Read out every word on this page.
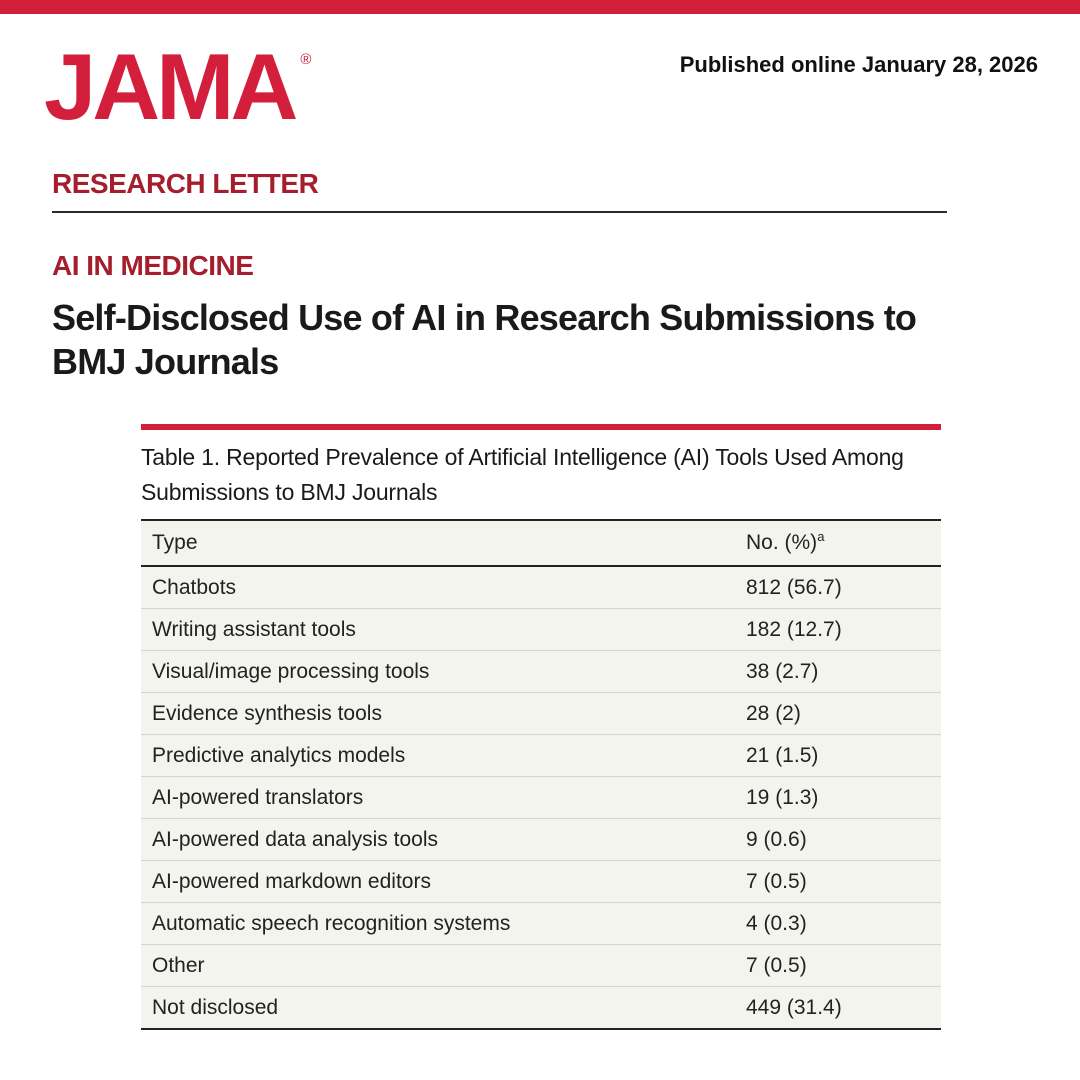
JAMA ®	Published online January 28, 2026
RESEARCH LETTER
AI IN MEDICINE
Self-Disclosed Use of AI in Research Submissions to BMJ Journals
Table 1. Reported Prevalence of Artificial Intelligence (AI) Tools Used Among Submissions to BMJ Journals
Type	No. (%)$^a$
Chatbots	812 (56.7)
Writing assistant tools	182 (12.7)
Visual/image processing tools	38 (2.7)
Evidence synthesis tools	28 (2)
Predictive analytics models	21 (1.5)
AI-powered translators	19 (1.3)
AI-powered data analysis tools	9 (0.6)
AI-powered markdown editors	7 (0.5)
Automatic speech recognition systems	4 (0.3)
Other	7 (0.5)
Not disclosed	449 (31.4)
